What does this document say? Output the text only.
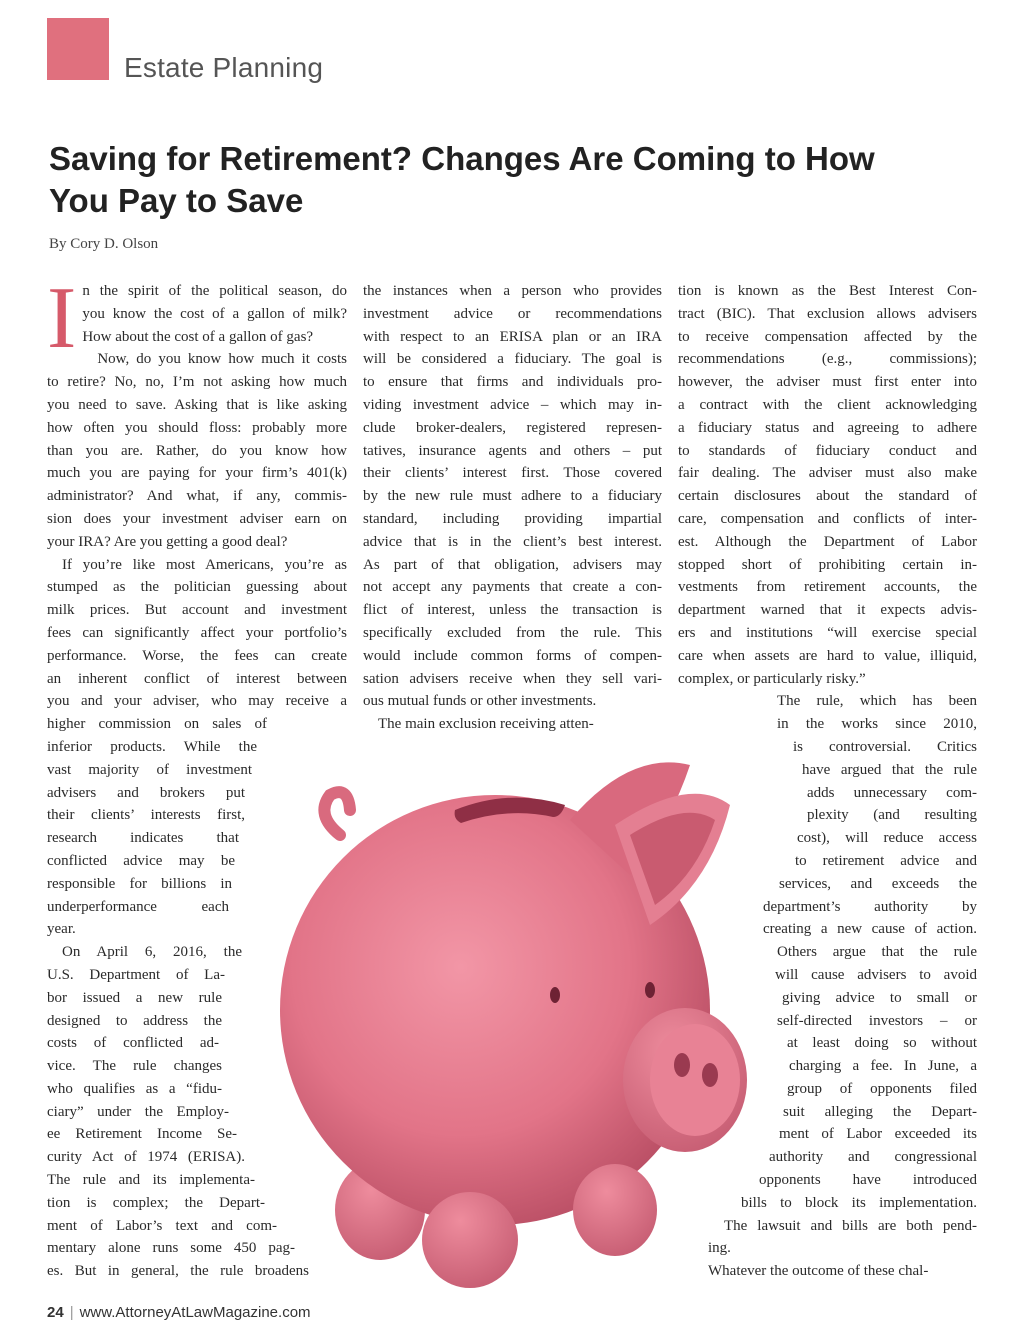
Estate Planning
Saving for Retirement? Changes Are Coming to How
You Pay to Save
By Cory D. Olson
I n the spirit of the political season, do
you know the cost of a gallon of milk?
How about the cost of a gallon of gas?
Now, do you know how much it costs
to retire? No, no, I’m not asking how much
you need to save. Asking that is like asking
how often you should floss: probably more
than you are. Rather, do you know how
much you are paying for your firm’s 401(k)
administrator? And what, if any, commis-
sion does your investment adviser earn on
your IRA? Are you getting a good deal?
If you’re like most Americans, you’re as
stumped as the politician guessing about
milk prices. But account and investment
fees can significantly affect your portfolio’s
performance. Worse, the fees can create
an inherent conflict of interest between
you and your adviser, who may receive a
higher commission on sales of
inferior products. While the
vast majority of investment
advisers and brokers put
their clients’ interests first,
research indicates that
conflicted advice may be
responsible for billions in
underperformance each
year.
On April 6, 2016, the
U.S. Department of La-
bor issued a new rule
designed to address the
costs of conflicted ad-
vice. The rule changes
who qualifies as a “fidu-
ciary” under the Employ-
ee Retirement Income Se-
curity Act of 1974 (ERISA).
The rule and its implementa-
tion is complex; the Depart-
ment of Labor’s text and com-
mentary alone runs some 450 pag-
es. But in general, the rule broadens
the instances when a person who provides
investment advice or recommendations
with respect to an ERISA plan or an IRA
will be considered a fiduciary. The goal is
to ensure that firms and individuals pro-
viding investment advice – which may in-
clude broker-dealers, registered represen-
tatives, insurance agents and others – put
their clients’ interest first. Those covered
by the new rule must adhere to a fiduciary
standard, including providing impartial
advice that is in the client’s best interest.
As part of that obligation, advisers may
not accept any payments that create a con-
flict of interest, unless the transaction is
specifically excluded from the rule. This
would include common forms of compen-
sation advisers receive when they sell vari-
ous mutual funds or other investments.
The main exclusion receiving atten-
tion is known as the Best Interest Con-
tract (BIC). That exclusion allows advisers
to receive compensation affected by the
recommendations (e.g., commissions);
however, the adviser must first enter into
a contract with the client acknowledging
a fiduciary status and agreeing to adhere
to standards of fiduciary conduct and
fair dealing. The adviser must also make
certain disclosures about the standard of
care, compensation and conflicts of inter-
est. Although the Department of Labor
stopped short of prohibiting certain in-
vestments from retirement accounts, the
department warned that it expects advis-
ers and institutions “will exercise special
care when assets are hard to value, illiquid,
complex, or particularly risky.”
The rule, which has been
in the works since 2010,
is controversial. Critics
have argued that the rule
adds unnecessary com-
plexity (and resulting
cost), will reduce access
to retirement advice and
services, and exceeds the
department’s authority by
creating a new cause of action.
Others argue that the rule
will cause advisers to avoid
giving advice to small or
self-directed investors – or
at least doing so without
charging a fee. In June, a
group of opponents filed
suit alleging the Depart-
ment of Labor exceeded its
authority and congressional
opponents have introduced
bills to block its implementation.
The lawsuit and bills are both pend-
ing.
Whatever the outcome of these chal-
24 | www.AttorneyAtLawMagazine.com
